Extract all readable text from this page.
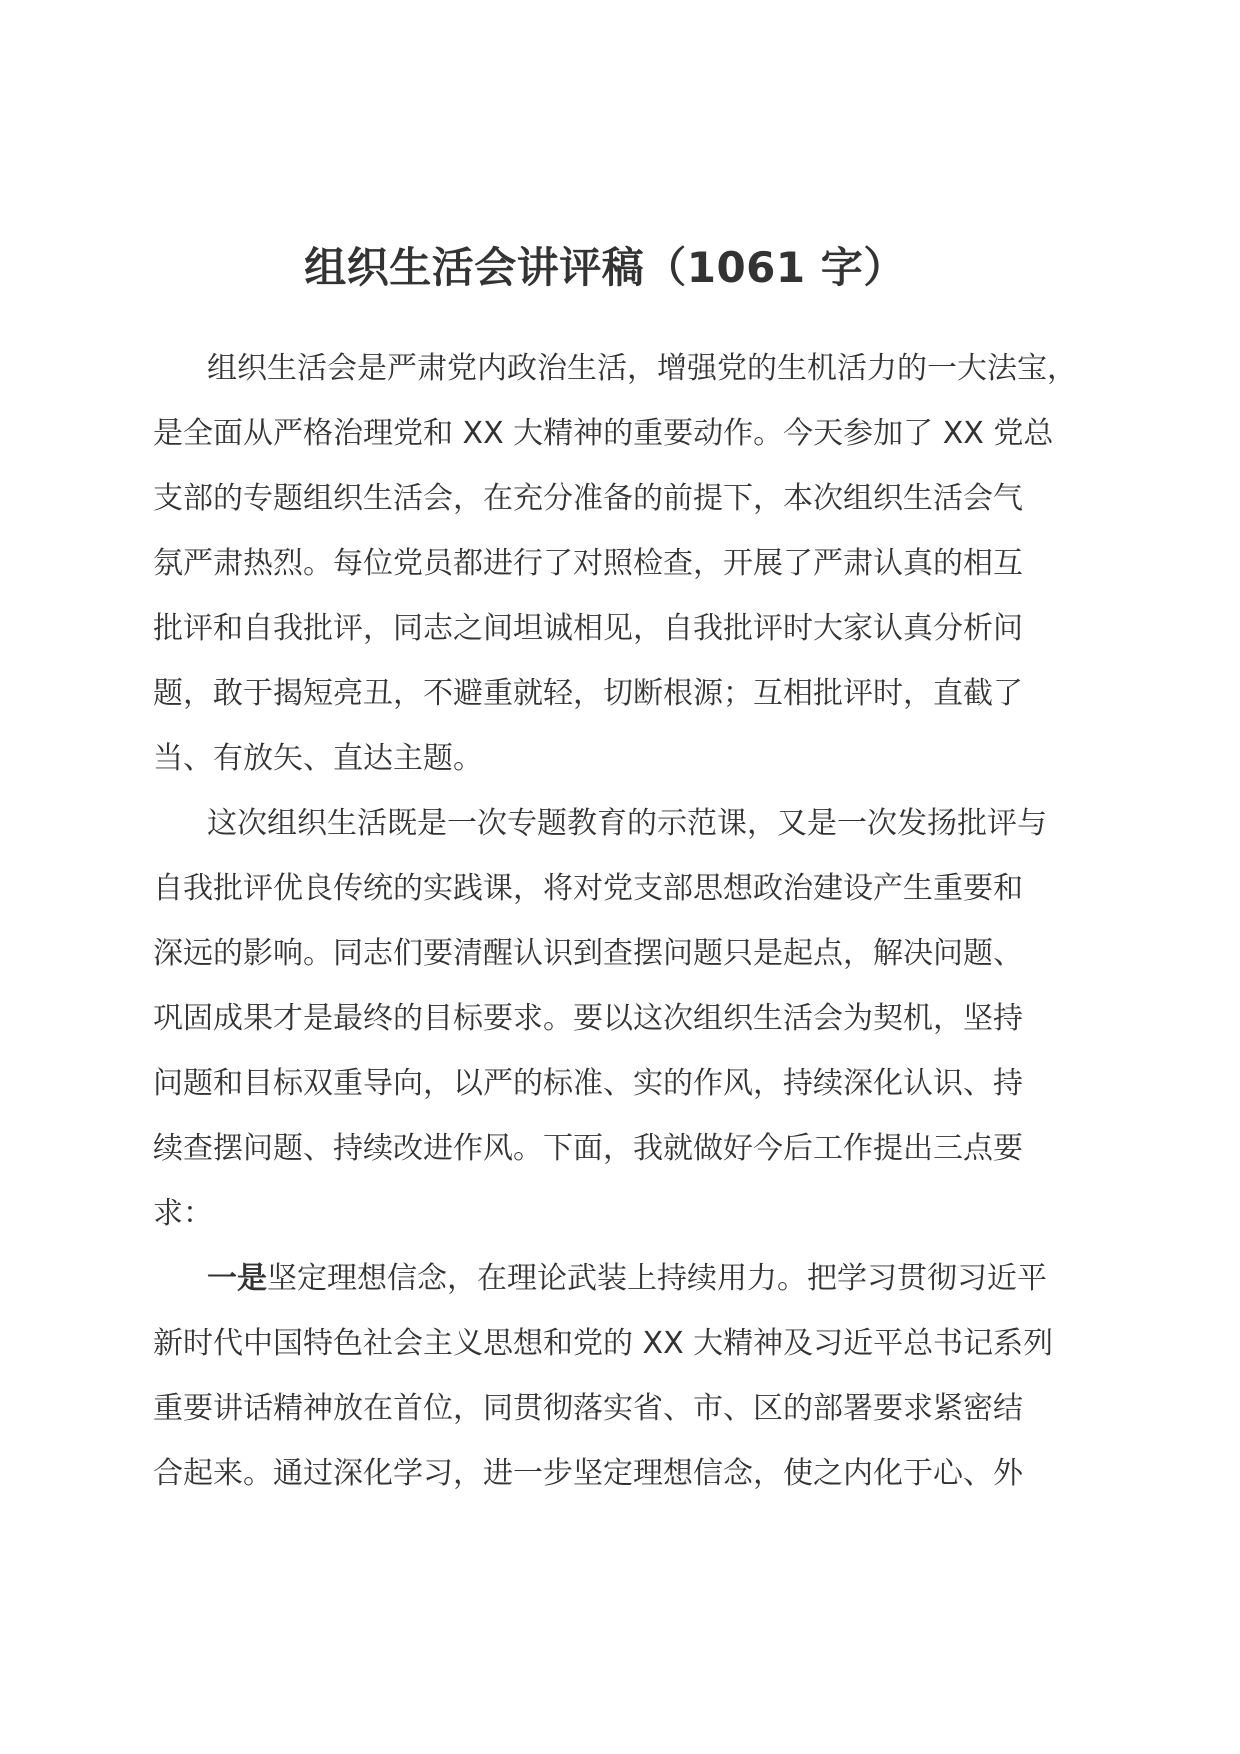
组织生活会讲评稿（1061 字）

组织生活会是严肃党内政治生活，增强党的生机活力的一大法宝，
是全面从严格治理党和 XX 大精神的重要动作。今天参加了 XX 党总
支部的专题组织生活会，在充分准备的前提下，本次组织生活会气
氛严肃热烈。每位党员都进行了对照检查，开展了严肃认真的相互
批评和自我批评，同志之间坦诚相见，自我批评时大家认真分析问
题，敢于揭短亮丑，不避重就轻，切断根源；互相批评时，直截了
当、有放矢、直达主题。

这次组织生活既是一次专题教育的示范课，又是一次发扬批评与
自我批评优良传统的实践课，将对党支部思想政治建设产生重要和
深远的影响。同志们要清醒认识到查摆问题只是起点，解决问题、
巩固成果才是最终的目标要求。要以这次组织生活会为契机，坚持
问题和目标双重导向，以严的标准、实的作风，持续深化认识、持
续查摆问题、持续改进作风。下面，我就做好今后工作提出三点要
求：

一是坚定理想信念，在理论武装上持续用力。把学习贯彻习近平
新时代中国特色社会主义思想和党的 XX 大精神及习近平总书记系列
重要讲话精神放在首位，同贯彻落实省、市、区的部署要求紧密结
合起来。通过深化学习，进一步坚定理想信念，使之内化于心、外
